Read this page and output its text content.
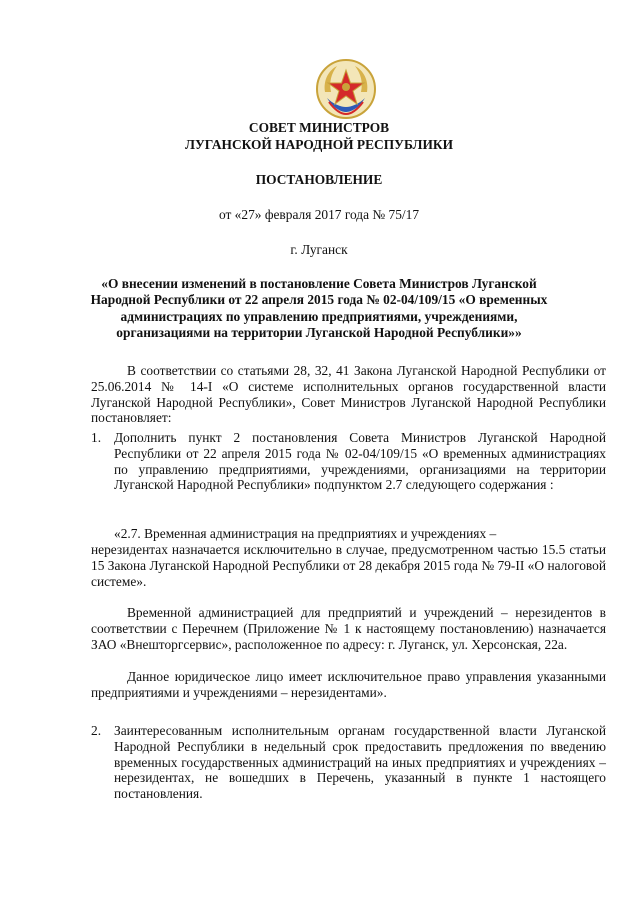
СОВЕТ МИНИСТРОВ
ЛУГАНСКОЙ НАРОДНОЙ РЕСПУБЛИКИ
ПОСТАНОВЛЕНИЕ
от «27» февраля 2017 года № 75/17
г. Луганск
«О внесении изменений в постановление Совета Министров Луганской
Народной Республики от 22 апреля 2015 года № 02-04/109/15 «О временных
администрациях по управлению предприятиями, учреждениями,
организациями на территории Луганской Народной Республики»»
В соответствии со статьями 28, 32, 41 Закона Луганской Народной Республики от 25.06.2014 № 14-I «О системе исполнительных органов государственной власти Луганской Народной Республики», Совет Министров Луганской Народной Республики постановляет:
1. Дополнить пункт 2 постановления Совета Министров Луганской Народной Республики от 22 апреля 2015 года № 02-04/109/15 «О временных администрациях по управлению предприятиями, учреждениями, организациями на территории Луганской Народной Республики» подпунктом 2.7 следующего содержания :
«2.7. Временная администрация на предприятиях и учреждениях –
нерезидентах назначается исключительно в случае, предусмотренном частью 15.5 статьи 15 Закона Луганской Народной Республики от 28 декабря 2015 года № 79-II «О налоговой системе».
Временной администрацией для предприятий и учреждений – нерезидентов в соответствии с Перечнем (Приложение № 1 к настоящему постановлению) назначается ЗАО «Внешторгсервис», расположенное по адресу: г. Луганск, ул. Херсонская, 22а.
Данное юридическое лицо имеет исключительное право управления указанными предприятиями и учреждениями – нерезидентами».
2. Заинтересованным исполнительным органам государственной власти Луганской Народной Республики в недельный срок предоставить предложения по введению временных государственных администраций на иных предприятиях и учреждениях – нерезидентах, не вошедших в Перечень, указанный в пункте 1 настоящего постановления.
